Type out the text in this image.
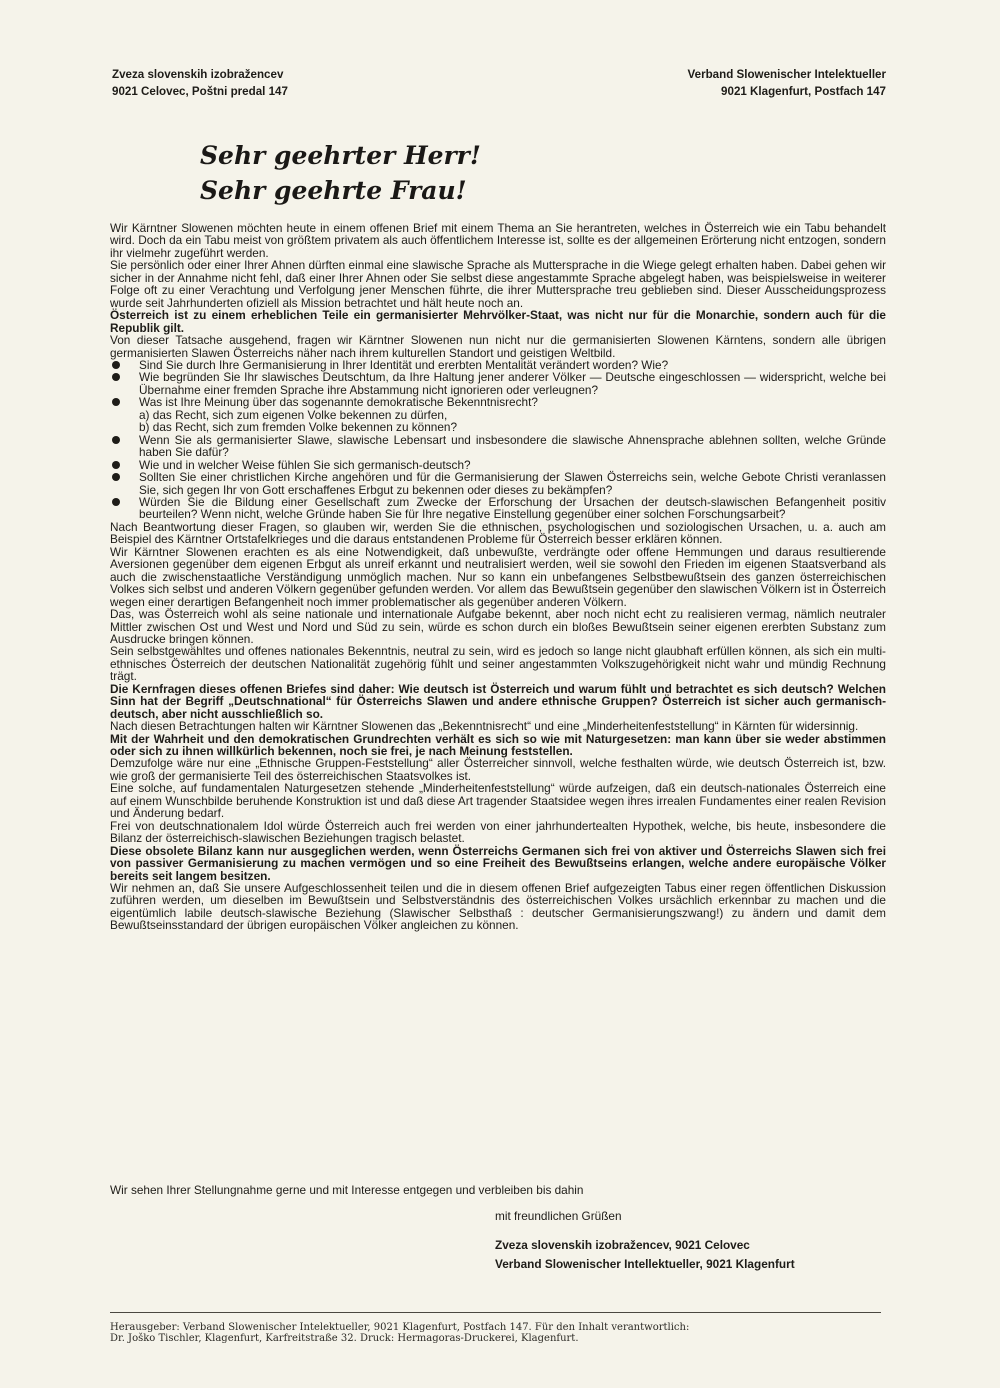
Zveza slovenskih izobražencev
9021 Celovec, Poštni predal 147
Verband Slowenischer Intelektueller
9021 Klagenfurt, Postfach 147
Sehr geehrter Herr!
Sehr geehrte Frau!

Wir Kärntner Slowenen möchten heute in einem offenen Brief mit einem Thema an Sie herantreten, welches in Österreich wie ein Tabu behandelt wird. Doch da ein Tabu meist von größtem privatem als auch öffentlichem Interesse ist, sollte es der allgemeinen Erörterung nicht entzogen, sondern ihr vielmehr zugeführt werden.

Sie persönlich oder einer Ihrer Ahnen dürften einmal eine slawische Sprache als Muttersprache in die Wiege gelegt erhalten haben. Dabei gehen wir sicher in der Annahme nicht fehl, daß einer Ihrer Ahnen oder Sie selbst diese angestammte Sprache abgelegt haben, was beispielsweise in weiterer Folge oft zu einer Verachtung und Verfolgung jener Menschen führte, die ihrer Muttersprache treu geblieben sind. Dieser Ausscheidungsprozess wurde seit Jahrhunderten ofiziell als Mission betrachtet und hält heute noch an.

Österreich ist zu einem erheblichen Teile ein germanisierter Mehrvölker-Staat, was nicht nur für die Monarchie, sondern auch für die Republik gilt.

Von dieser Tatsache ausgehend, fragen wir Kärntner Slowenen nun nicht nur die germanisierten Slowenen Kärntens, sondern alle übrigen germanisierten Slawen Österreichs näher nach ihrem kulturellen Standort und geistigen Weltbild.

Sind Sie durch Ihre Germanisierung in Ihrer Identität und ererbten Mentalität verändert worden? Wie?
Wie begründen Sie Ihr slawisches Deutschtum, da Ihre Haltung jener anderer Völker — Deutsche eingeschlossen — widerspricht, welche bei Übernahme einer fremden Sprache ihre Abstammung nicht ignorieren oder verleugnen?
Was ist Ihre Meinung über das sogenannte demokratische Bekenntnisrecht?
a) das Recht, sich zum eigenen Volke bekennen zu dürfen,
b) das Recht, sich zum fremden Volke bekennen zu können?
Wenn Sie als germanisierter Slawe, slawische Lebensart und insbesondere die slawische Ahnensprache ablehnen sollten, welche Gründe haben Sie dafür?
Wie und in welcher Weise fühlen Sie sich germanisch-deutsch?
Sollten Sie einer christlichen Kirche angehören und für die Germanisierung der Slawen Österreichs sein, welche Gebote Christi veranlassen Sie, sich gegen Ihr von Gott erschaffenes Erbgut zu bekennen oder dieses zu bekämpfen?
Würden Sie die Bildung einer Gesellschaft zum Zwecke der Erforschung der Ursachen der deutsch-slawischen Befangenheit positiv beurteilen? Wenn nicht, welche Gründe haben Sie für Ihre negative Einstellung gegenüber einer solchen Forschungsarbeit?

Nach Beantwortung dieser Fragen, so glauben wir, werden Sie die ethnischen, psychologischen und soziologischen Ursachen, u. a. auch am Beispiel des Kärntner Ortstafelkrieges und die daraus entstandenen Probleme für Österreich besser erklären können.

Wir Kärntner Slowenen erachten es als eine Notwendigkeit, daß unbewußte, verdrängte oder offene Hemmungen und daraus resultierende Aversionen gegenüber dem eigenen Erbgut als unreif erkannt und neutralisiert werden, weil sie sowohl den Frieden im eigenen Staatsverband als auch die zwischenstaatliche Verständigung unmöglich machen. Nur so kann ein unbefangenes Selbstbewußtsein des ganzen österreichischen Volkes sich selbst und anderen Völkern gegenüber gefunden werden. Vor allem das Bewußtsein gegenüber den slawischen Völkern ist in Österreich wegen einer derartigen Befangenheit noch immer problematischer als gegenüber anderen Völkern.

Das, was Österreich wohl als seine nationale und internationale Aufgabe bekennt, aber noch nicht echt zu realisieren vermag, nämlich neutraler Mittler zwischen Ost und West und Nord und Süd zu sein, würde es schon durch ein bloßes Bewußtsein seiner eigenen ererbten Substanz zum Ausdrucke bringen können.

Sein selbstgewähltes und offenes nationales Bekenntnis, neutral zu sein, wird es jedoch so lange nicht glaubhaft erfüllen können, als sich ein multi-ethnisches Österreich der deutschen Nationalität zugehörig fühlt und seiner angestammten Volkszugehörigkeit nicht wahr und mündig Rechnung trägt.

Die Kernfragen dieses offenen Briefes sind daher: Wie deutsch ist Österreich und warum fühlt und betrachtet es sich deutsch? Welchen Sinn hat der Begriff „Deutschnational“ für Österreichs Slawen und andere ethnische Gruppen? Österreich ist sicher auch germanisch-deutsch, aber nicht ausschließlich so.

Nach diesen Betrachtungen halten wir Kärntner Slowenen das „Bekenntnisrecht“ und eine „Minderheitenfeststellung“ in Kärnten für widersinnig.

Mit der Wahrheit und den demokratischen Grundrechten verhält es sich so wie mit Naturgesetzen: man kann über sie weder abstimmen oder sich zu ihnen willkürlich bekennen, noch sie frei, je nach Meinung feststellen.

Demzufolge wäre nur eine „Ethnische Gruppen-Feststellung“ aller Österreicher sinnvoll, welche festhalten würde, wie deutsch Österreich ist, bzw. wie groß der germanisierte Teil des österreichischen Staatsvolkes ist.

Eine solche, auf fundamentalen Naturgesetzen stehende „Minderheitenfeststellung“ würde aufzeigen, daß ein deutsch-nationales Österreich eine auf einem Wunschbilde beruhende Konstruktion ist und daß diese Art tragender Staatsidee wegen ihres irrealen Fundamentes einer realen Revision und Änderung bedarf.

Frei von deutschnationalem Idol würde Österreich auch frei werden von einer jahrhundertealten Hypothek, welche, bis heute, insbesondere die Bilanz der österreichisch-slawischen Beziehungen tragisch belastet.

Diese obsolete Bilanz kann nur ausgeglichen werden, wenn Österreichs Germanen sich frei von aktiver und Österreichs Slawen sich frei von passiver Germanisierung zu machen vermögen und so eine Freiheit des Bewußtseins erlangen, welche andere europäische Völker bereits seit langem besitzen.

Wir nehmen an, daß Sie unsere Aufgeschlossenheit teilen und die in diesem offenen Brief aufgezeigten Tabus einer regen öffentlichen Diskussion zuführen werden, um dieselben im Bewußtsein und Selbstverständnis des österreichischen Volkes ursächlich erkennbar zu machen und die eigentümlich labile deutsch-slawische Beziehung (Slawischer Selbsthaß : deutscher Germanisierungszwang!) zu ändern und damit dem Bewußtseinsstandard der übrigen europäischen Völker angleichen zu können.

Wir sehen Ihrer Stellungnahme gerne und mit Interesse entgegen und verbleiben bis dahin
mit freundlichen Grüßen
Zveza slovenskih izobražencev, 9021 Celovec
Verband Slowenischer Intellektueller, 9021 Klagenfurt
Herausgeber: Verband Slowenischer Intelektueller, 9021 Klagenfurt, Postfach 147. Für den Inhalt verantwortlich:
Dr. Joško Tischler, Klagenfurt, Karfreitstraße 32. Druck: Hermagoras-Druckerei, Klagenfurt.
